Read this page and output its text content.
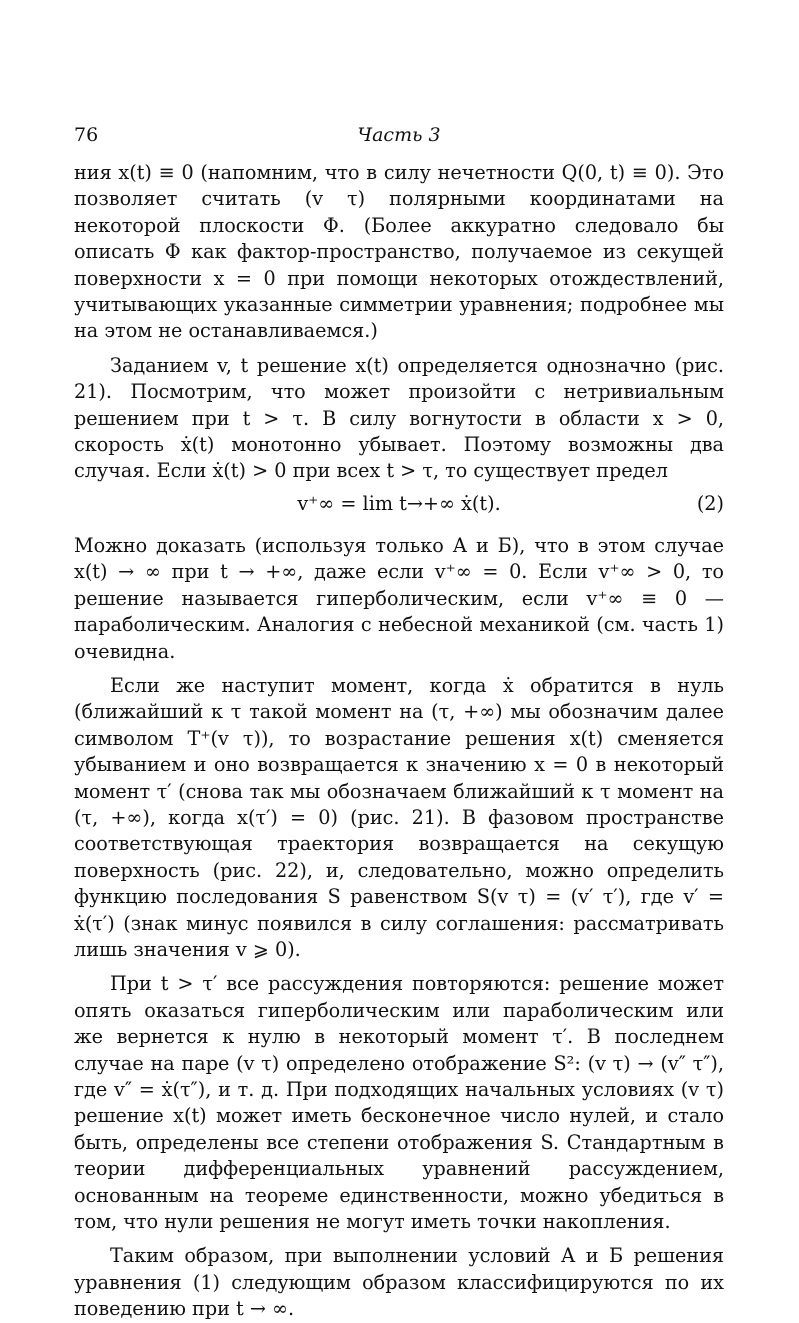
76	Часть 3

ния x(t) ≡ 0 (напомним, что в силу нечетности Q(0, t) ≡ 0). Это позволяет считать (v τ) полярными координатами на некоторой плоскости Φ. (Более аккуратно следовало бы описать Φ как фактор-пространство, получаемое из секущей поверхности x = 0 при помощи некоторых отождествлений, учитывающих указанные симметрии уравнения; подробнее мы на этом не останавливаемся.)

Заданием v, t решение x(t) определяется однозначно (рис. 21). Посмотрим, что может произойти с нетривиальным решением при t > τ. В силу вогнутости в области x > 0, скорость ẋ(t) монотонно убывает. Поэтому возможны два случая. Если ẋ(t) > 0 при всех t > τ, то существует предел

v⁺∞ = lim t→+∞ ẋ(t).	(2)

Можно доказать (используя только А и Б), что в этом случае x(t) → ∞ при t → +∞, даже если v⁺∞ = 0. Если v⁺∞ > 0, то решение называется гиперболическим, если v⁺∞ ≡ 0 — параболическим. Аналогия с небесной механикой (см. часть 1) очевидна.

Если же наступит момент, когда ẋ обратится в нуль (ближайший к τ такой момент на (τ, +∞) мы обозначим далее символом T⁺(v τ)), то возрастание решения x(t) сменяется убыванием и оно возвращается к значению x = 0 в некоторый момент τ′ (снова так мы обозначаем ближайший к τ момент на (τ, +∞), когда x(τ′) = 0) (рис. 21). В фазовом пространстве соответствующая траектория возвращается на секущую поверхность (рис. 22), и, следовательно, можно определить функцию последования S равенством S(v τ) = (v′ τ′), где v′ = ẋ(τ′) (знак минус появился в силу соглашения: рассматривать лишь значения v ⩾ 0).

При t > τ′ все рассуждения повторяются: решение может опять оказаться гиперболическим или параболическим или же вернется к нулю в некоторый момент τ′. В последнем случае на паре (v τ) определено отображение S²: (v τ) → (v″ τ″), где v″ = ẋ(τ″), и т. д. При подходящих начальных условиях (v τ) решение x(t) может иметь бесконечное число нулей, и стало быть, определены все степени отображения S. Стандартным в теории дифференциальных уравнений рассуждением, основанным на теореме единственности, можно убедиться в том, что нули решения не могут иметь точки накопления.

Таким образом, при выполнении условий А и Б решения уравнения (1) следующим образом классифицируются по их поведению при t → ∞.
